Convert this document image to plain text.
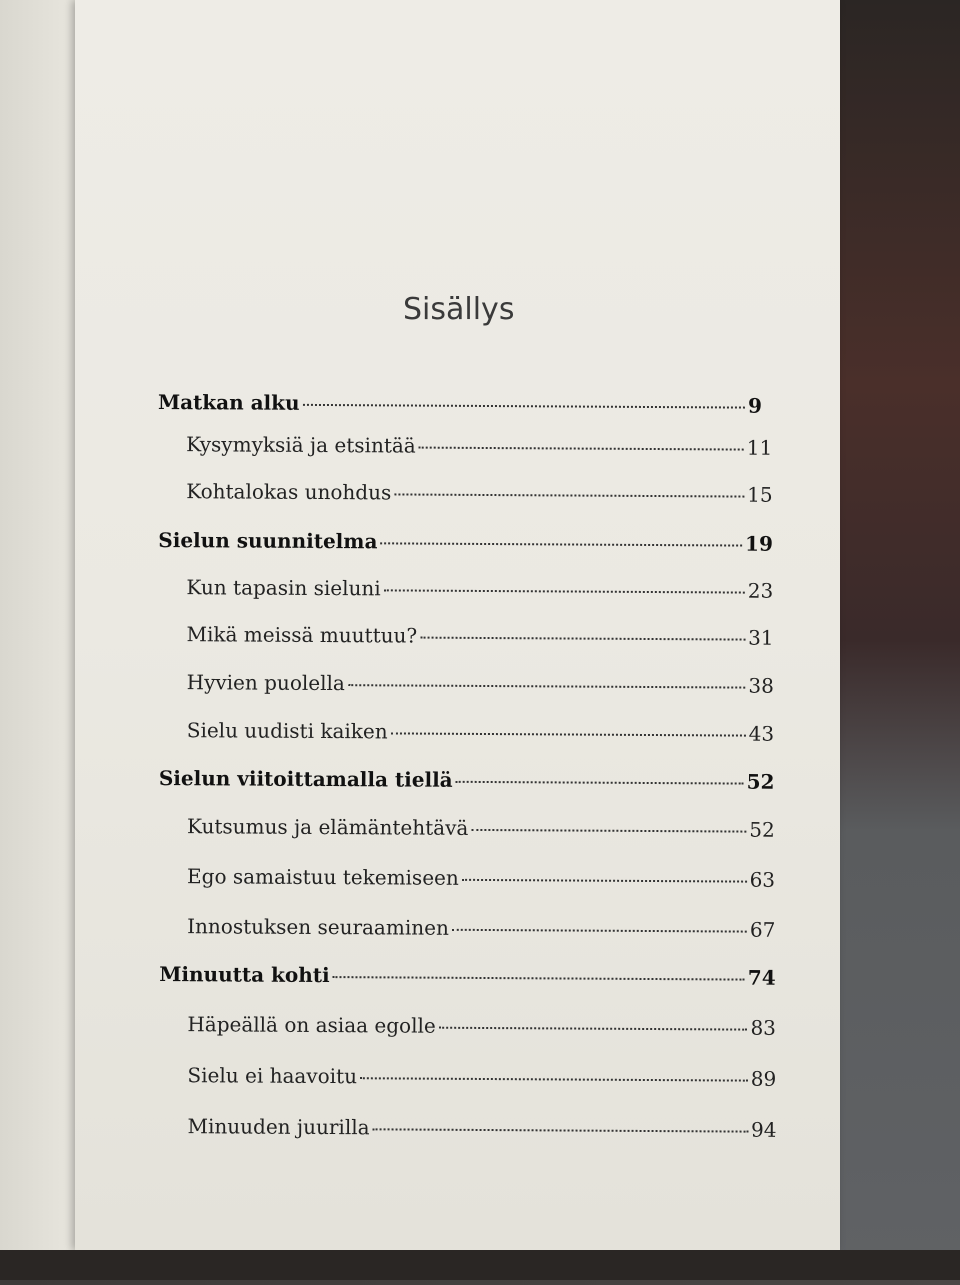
Sisällys
Matkan alku	9
Kysymyksiä ja etsintää	11
Kohtalokas unohdus	15
Sielun suunnitelma	19
Kun tapasin sieluni	23
Mikä meissä muuttuu?	31
Hyvien puolella	38
Sielu uudisti kaiken	43
Sielun viitoittamalla tiellä	52
Kutsumus ja elämäntehtävä	52
Ego samaistuu tekemiseen	63
Innostuksen seuraaminen	67
Minuutta kohti	74
Häpeällä on asiaa egolle	83
Sielu ei haavoitu	89
Minuuden juurilla	94
